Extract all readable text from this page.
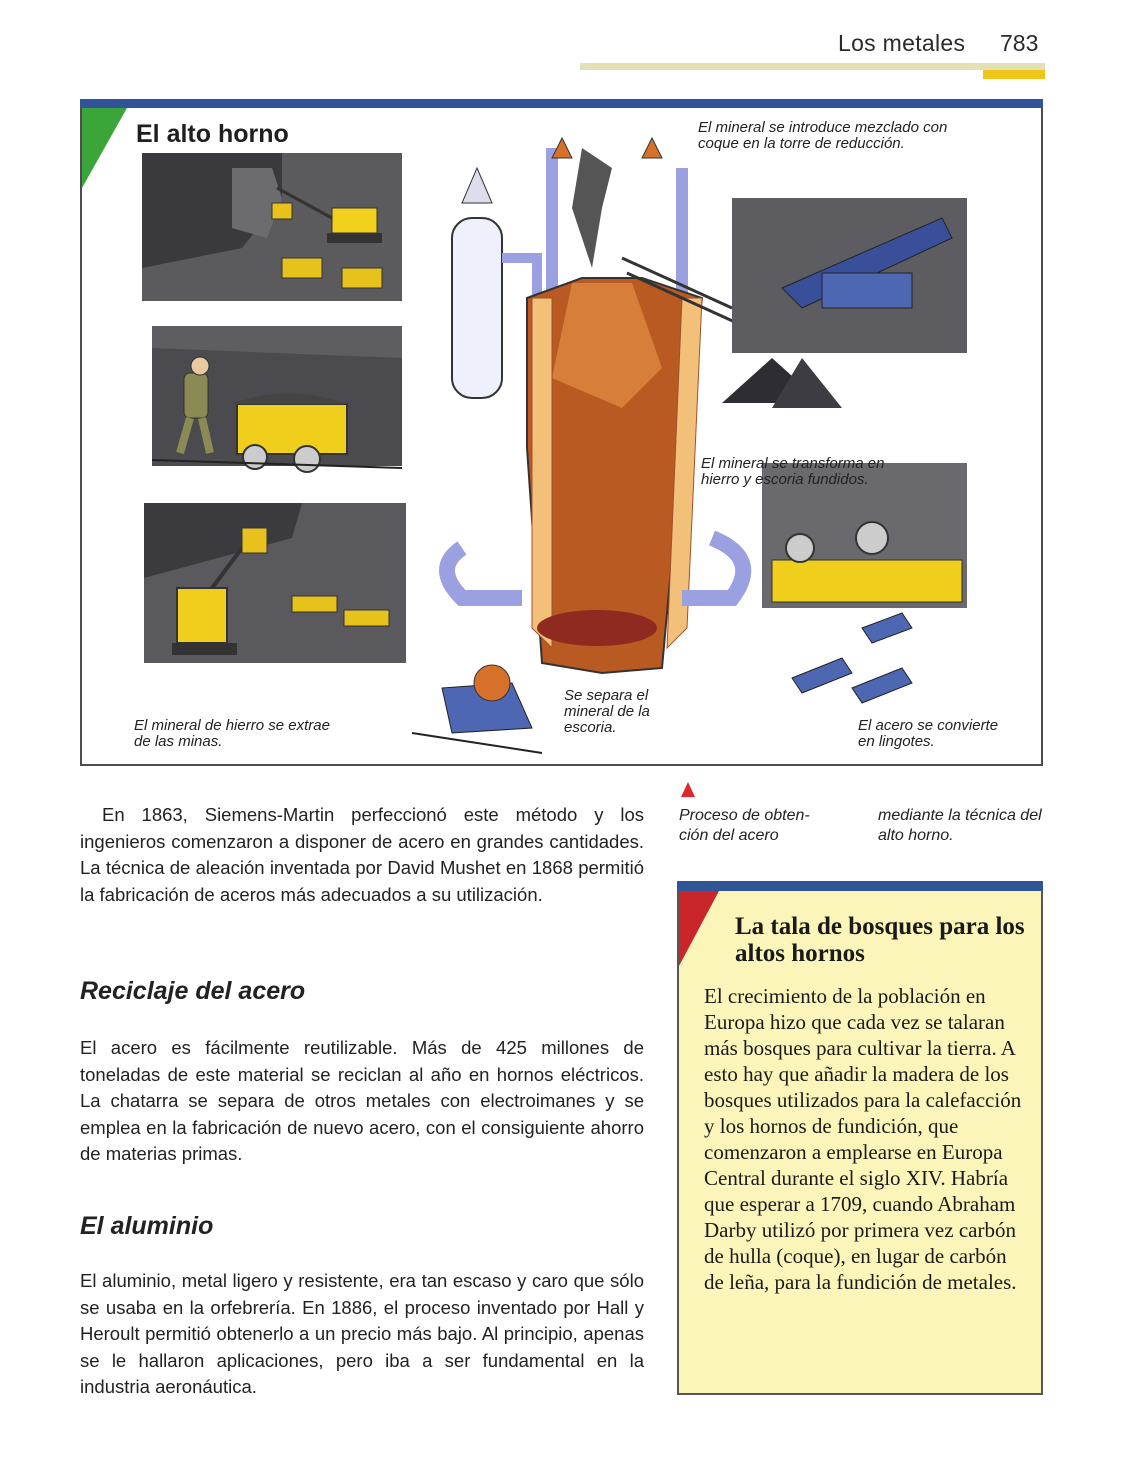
Los metales 783
El alto horno	El mineral se introduce mezclado con
coque en la torre de reducción.
El mineral se transforma en
hierro y escoria fundidos.
Se separa el
mineral de la
escoria.
El mineral de hierro se extrae
de las minas.
El acero se convierte
en lingotes.
Proceso de obten-ción del acero
mediante la técnica del alto horno.
En 1863, Siemens-Martin perfeccionó este método y los ingenieros comenzaron a disponer de acero en grandes cantidades. La técnica de aleación inventada por David Mushet en 1868 permitió la fabricación de aceros más adecuados a su utilización.
Reciclaje del acero
El acero es fácilmente reutilizable. Más de 425 millones de toneladas de este material se reciclan al año en hornos eléctricos. La chatarra se separa de otros metales con electroimanes y se emplea en la fabricación de nuevo acero, con el consiguiente ahorro de materias primas.
El aluminio
El aluminio, metal ligero y resistente, era tan escaso y caro que sólo se usaba en la orfebrería. En 1886, el proceso inventado por Hall y Heroult permitió obtenerlo a un precio más bajo. Al principio, apenas se le hallaron aplicaciones, pero iba a ser fundamental en la industria aeronáutica.
La tala de bosques para los altos hornos
El crecimiento de la población en Europa hizo que cada vez se talaran más bosques para cultivar la tierra. A esto hay que añadir la madera de los bosques utilizados para la calefacción y los hornos de fundición, que comenzaron a emplearse en Europa Central durante el siglo XIV. Habría que esperar a 1709, cuando Abraham Darby utilizó por primera vez carbón de hulla (coque), en lugar de carbón de leña, para la fundición de metales.
